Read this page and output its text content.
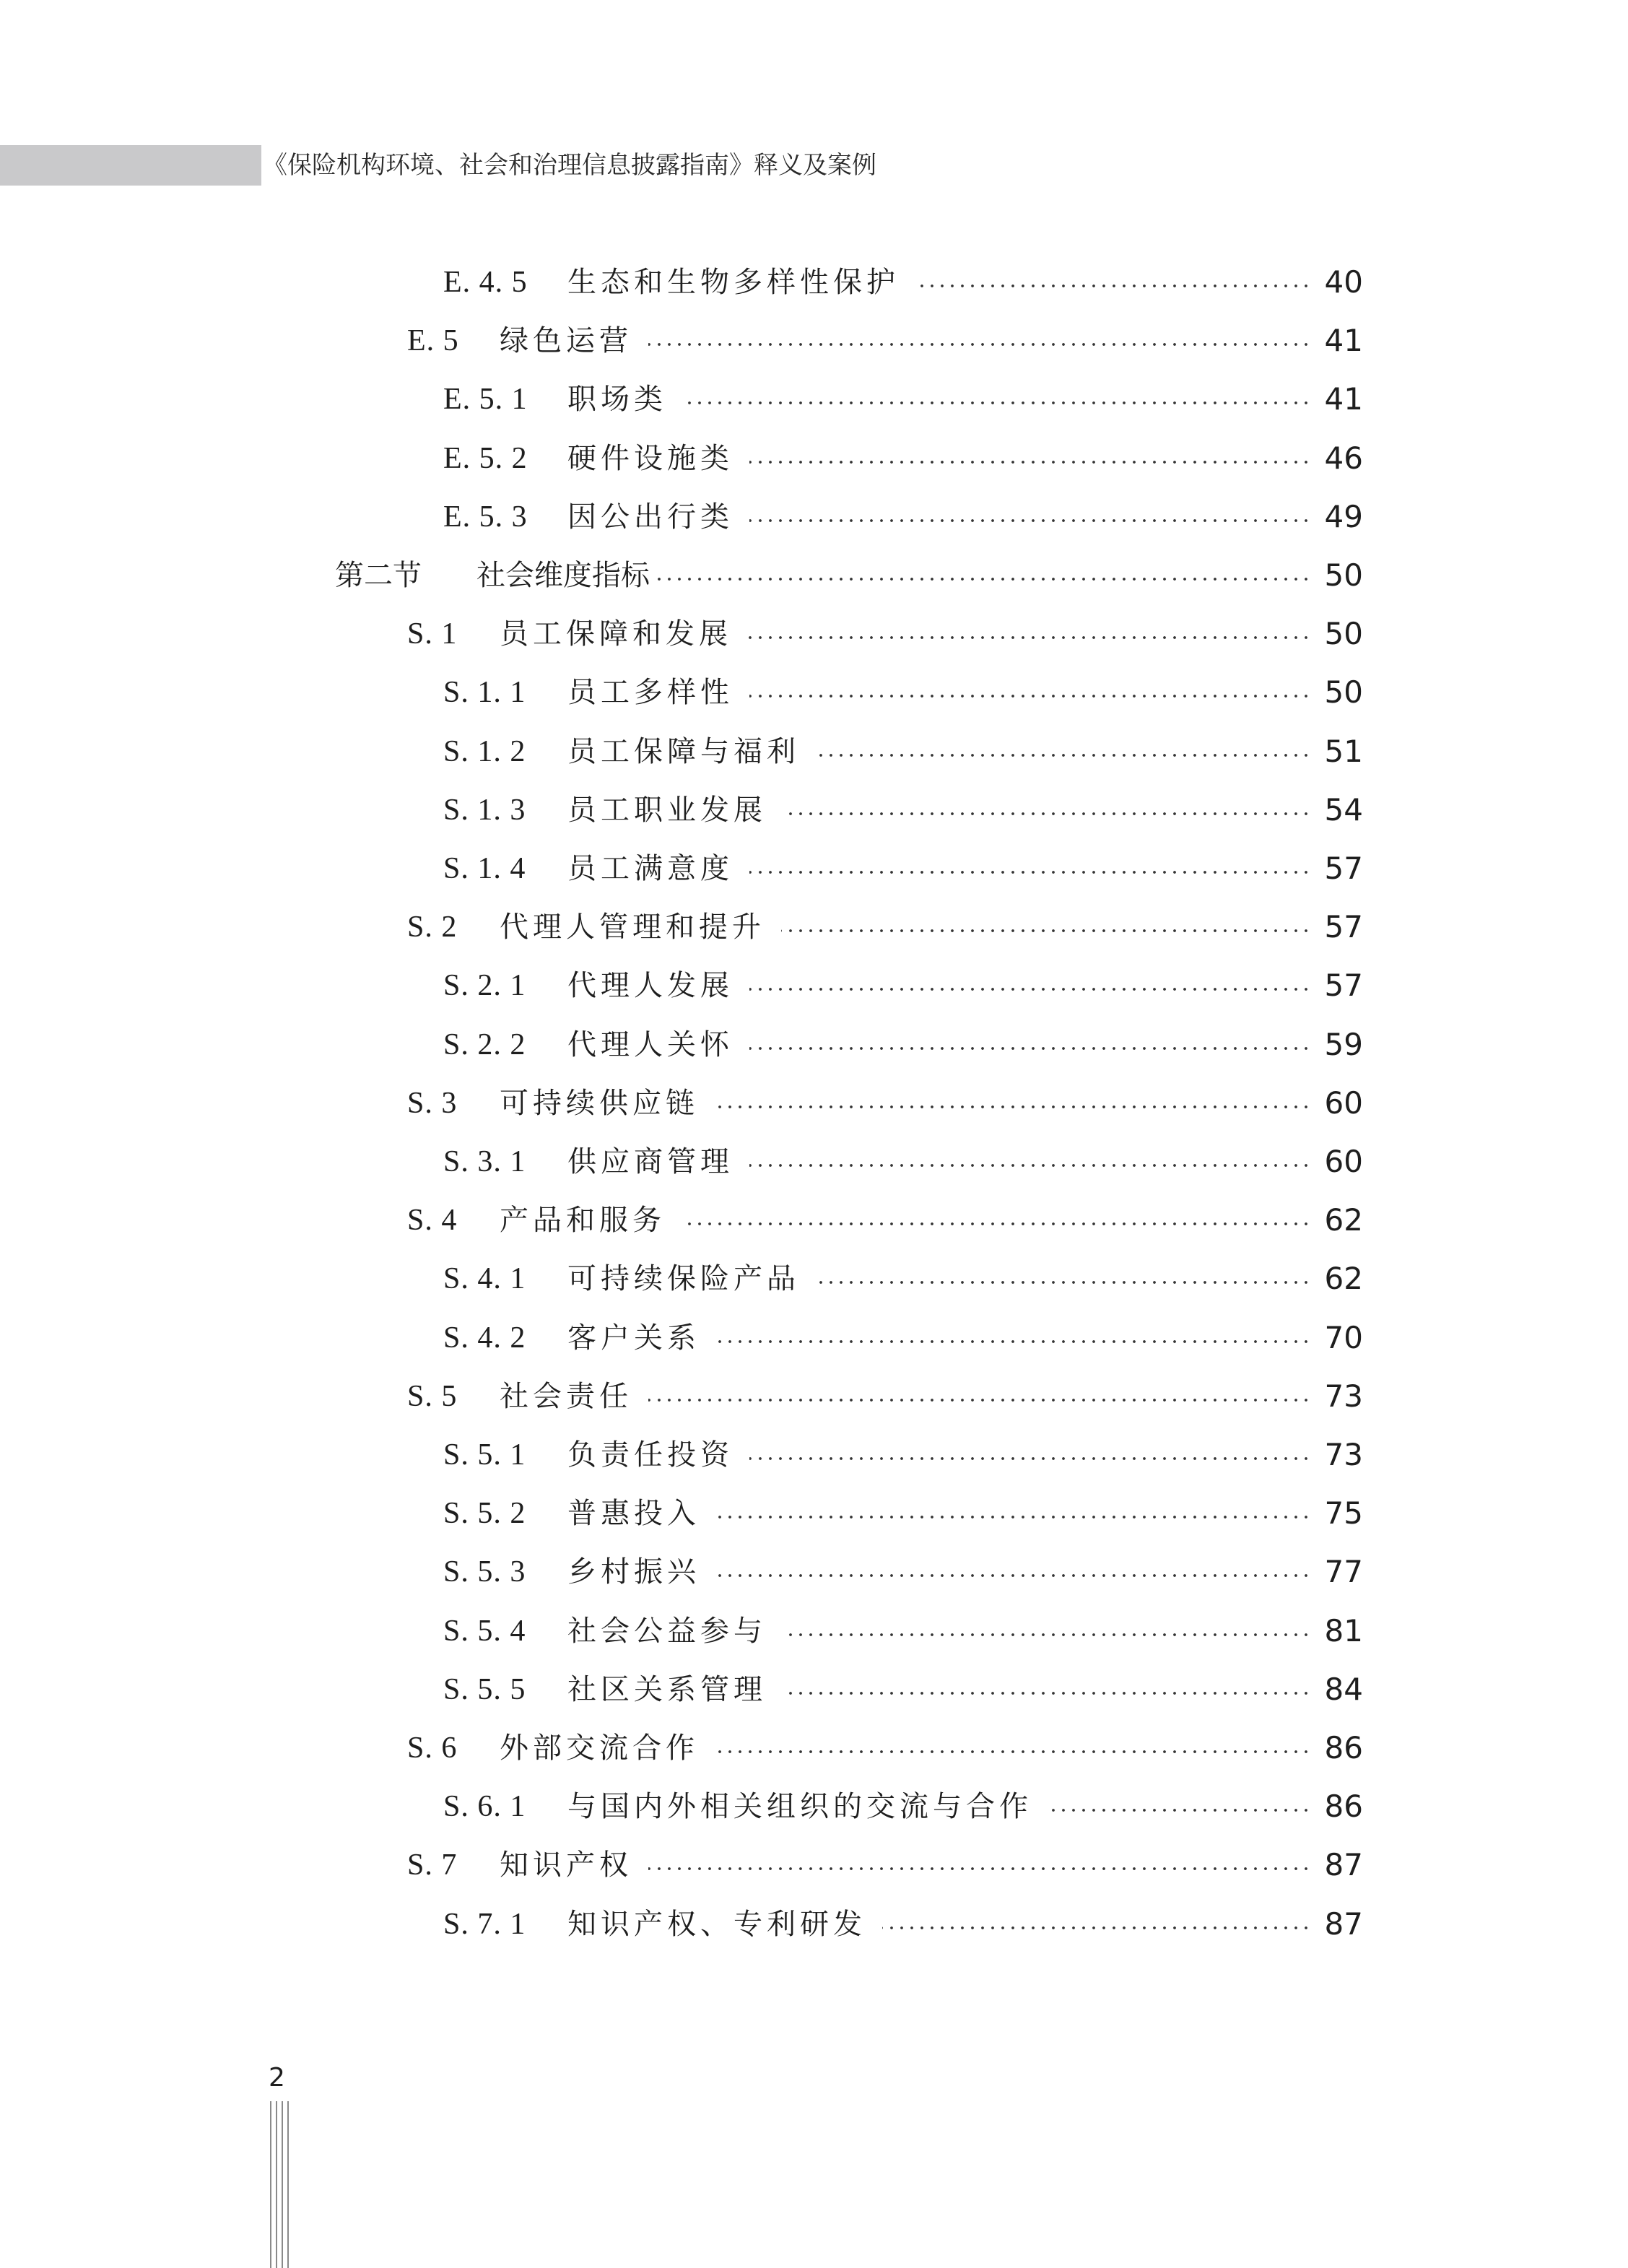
《保险机构环境、社会和治理信息披露指南》释义及案例
E. 4. 5	生态和生物多样性保护	40
E. 5	绿色运营	41
E. 5. 1	职场类	41
E. 5. 2	硬件设施类	46
E. 5. 3	因公出行类	49
第二节	社会维度指标	50
S. 1	员工保障和发展	50
S. 1. 1	员工多样性	50
S. 1. 2	员工保障与福利	51
S. 1. 3	员工职业发展	54
S. 1. 4	员工满意度	57
S. 2	代理人管理和提升	57
S. 2. 1	代理人发展	57
S. 2. 2	代理人关怀	59
S. 3	可持续供应链	60
S. 3. 1	供应商管理	60
S. 4	产品和服务	62
S. 4. 1	可持续保险产品	62
S. 4. 2	客户关系	70
S. 5	社会责任	73
S. 5. 1	负责任投资	73
S. 5. 2	普惠投入	75
S. 5. 3	乡村振兴	77
S. 5. 4	社会公益参与	81
S. 5. 5	社区关系管理	84
S. 6	外部交流合作	86
S. 6. 1	与国内外相关组织的交流与合作	86
S. 7	知识产权	87
S. 7. 1	知识产权、专利研发	87
2
